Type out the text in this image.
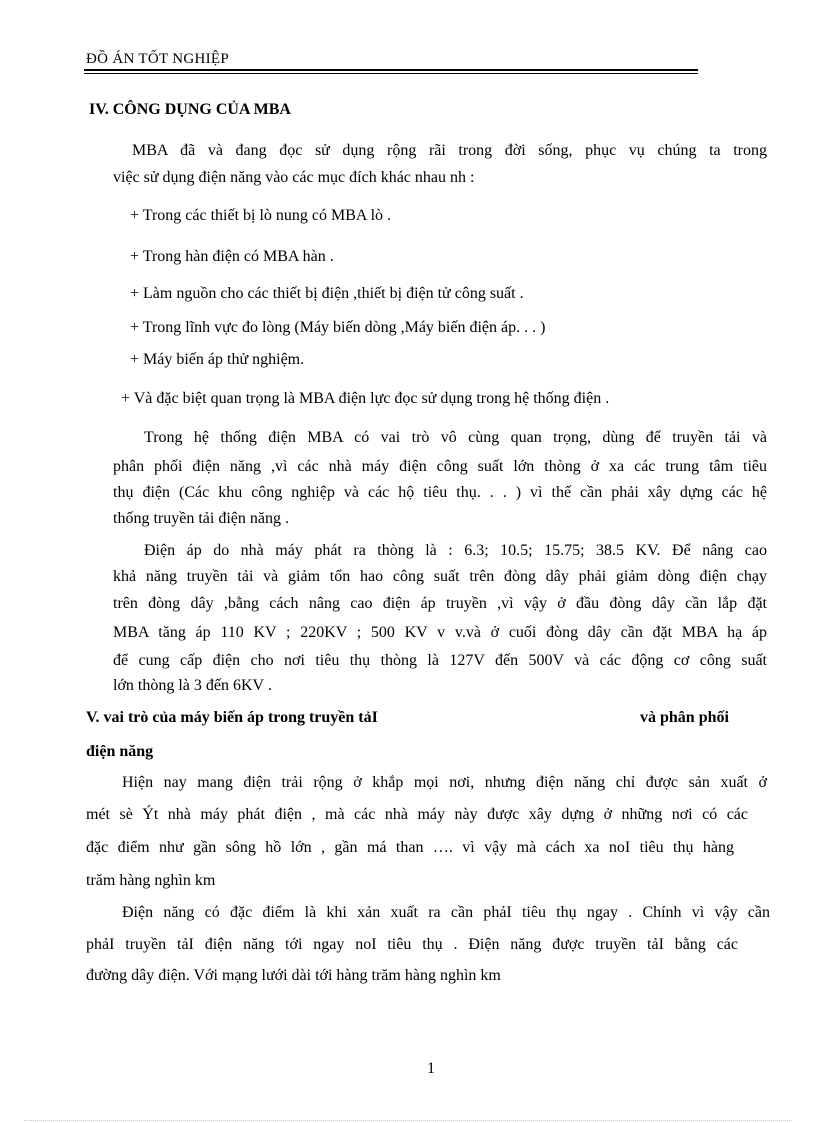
ĐỒ ÁN TỐT NGHIỆP
IV. CÔNG DỤNG CỦA MBA
MBA đã và đang đọc sử dụng rộng rãi trong đời sống, phục vụ chúng ta trong
việc sử dụng điện năng vào các mục đích khác nhau nh :
+ Trong các thiết bị lò nung có MBA lò .
+ Trong hàn điện có MBA hàn .
+ Làm nguồn cho các thiết bị điện ,thiết bị điện tử công suất .
+ Trong lĩnh vực đo lòng (Máy biến dòng ,Máy biến điện áp. . . )
+ Máy biến áp thử nghiệm.
+ Và đặc biệt quan trọng là MBA điện lực đọc sử dụng trong hệ thống điện .
Trong hệ thống điện MBA có vai trò vô cùng quan trọng, dùng để truyền tải và
phân phối điện năng ,vì các nhà máy điện công suất lớn thòng ở xa các trung tâm tiêu
thụ điện (Các khu công nghiệp và các hộ tiêu thụ. . . ) vì thế cần phải xây dựng các hệ
thống truyền tải điện năng .
Điện áp do nhà máy phát ra thòng là : 6.3; 10.5; 15.75; 38.5 KV. Để nâng cao
khả năng truyền tải và giảm tổn hao công suất trên đòng dây phải giảm dòng điện chạy
trên đòng dây ,bằng cách nâng cao điện áp truyền ,vì vậy ở đầu đòng dây cần lắp đặt
MBA tăng áp 110 KV ; 220KV ; 500 KV v v.và ở cuối đòng dây cần đặt MBA hạ áp
để cung cấp điện cho nơi tiêu thụ thòng là 127V đến 500V và các động cơ công suất
lớn thòng là 3 đến 6KV .
V. vai trò của máy biến áp trong truyền tảI	và phân phối
điện năng
Hiện nay mang điện trải rộng ở khắp mọi nơi, nhưng điện năng chỉ được sản xuất ở
mét sè Ýt nhà máy phát điện , mà các nhà máy này được xây dựng ở những nơi có các
đặc điểm như gần sông hồ lớn , gần má than …. vì vậy mà cách xa noI tiêu thụ hàng
trăm hàng nghìn km
Điện năng có đặc điểm là khi xản xuất ra cần phảI tiêu thụ ngay . Chính vì vậy cần
phảI truyền tảI điện năng tới ngay noI tiêu thụ . Điện năng được truyền tảI bằng các
đường dây điện. Với mạng lưới dài tới hàng trăm hàng nghìn km
1
